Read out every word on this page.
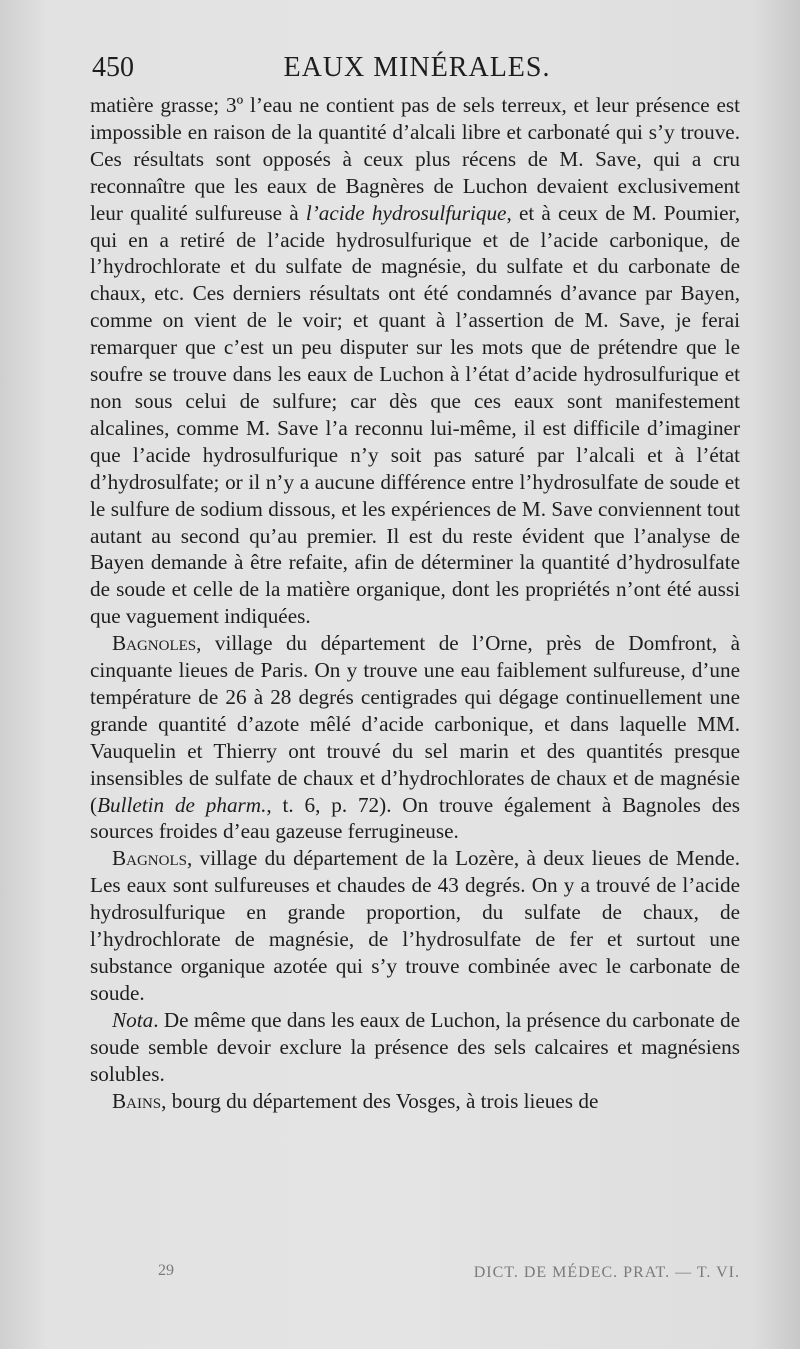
450	EAUX MINÉRALES.

matière grasse; 3º l’eau ne contient pas de sels terreux, et leur présence est impossible en raison de la quantité d’alcali libre et carbonaté qui s’y trouve. Ces résultats sont opposés à ceux plus récens de M. Save, qui a cru reconnaître que les eaux de Bagnères de Luchon devaient exclusivement leur qualité sulfureuse à l’acide hydrosulfurique, et à ceux de M. Poumier, qui en a retiré de l’acide hydrosulfurique et de l’acide carbonique, de l’hydrochlorate et du sulfate de magnésie, du sulfate et du carbonate de chaux, etc. Ces derniers résultats ont été condamnés d’avance par Bayen, comme on vient de le voir; et quant à l’assertion de M. Save, je ferai remarquer que c’est un peu disputer sur les mots que de prétendre que le soufre se trouve dans les eaux de Luchon à l’état d’acide hydrosulfurique et non sous celui de sulfure; car dès que ces eaux sont manifestement alcalines, comme M. Save l’a reconnu lui-même, il est difficile d’imaginer que l’acide hydrosulfurique n’y soit pas saturé par l’alcali et à l’état d’hydrosulfate; or il n’y a aucune différence entre l’hydrosulfate de soude et le sulfure de sodium dissous, et les expériences de M. Save conviennent tout autant au second qu’au premier. Il est du reste évident que l’analyse de Bayen demande à être refaite, afin de déterminer la quantité d’hydrosulfate de soude et celle de la matière organique, dont les propriétés n’ont été aussi que vaguement indiquées.

Bagnoles, village du département de l’Orne, près de Domfront, à cinquante lieues de Paris. On y trouve une eau faiblement sulfureuse, d’une température de 26 à 28 degrés centigrades qui dégage continuellement une grande quantité d’azote mêlé d’acide carbonique, et dans laquelle MM. Vauquelin et Thierry ont trouvé du sel marin et des quantités presque insensibles de sulfate de chaux et d’hydrochlorates de chaux et de magnésie (Bulletin de pharm., t. 6, p. 72). On trouve également à Bagnoles des sources froides d’eau gazeuse ferrugineuse.

Bagnols, village du département de la Lozère, à deux lieues de Mende. Les eaux sont sulfureuses et chaudes de 43 degrés. On y a trouvé de l’acide hydrosulfurique en grande proportion, du sulfate de chaux, de l’hydrochlorate de magnésie, de l’hydrosulfate de fer et surtout une substance organique azotée qui s’y trouve combinée avec le carbonate de soude.

Nota. De même que dans les eaux de Luchon, la présence du carbonate de soude semble devoir exclure la présence des sels calcaires et magnésiens solubles.

Bains, bourg du département des Vosges, à trois lieues de

29	DICT. DE MÉDEC. PRAT. — T. VI.
